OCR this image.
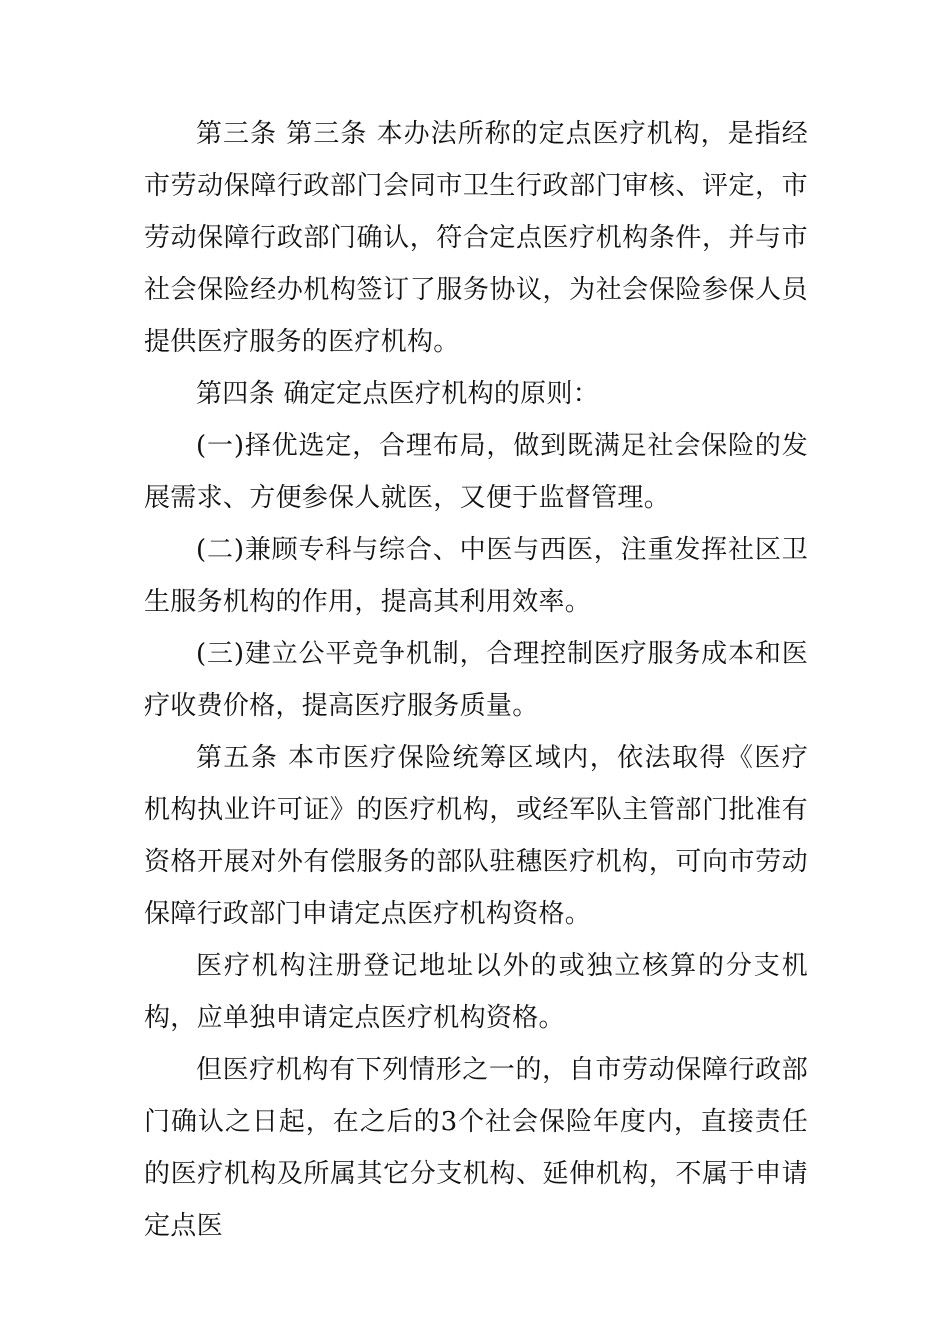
第三条 第三条 本办法所称的定点医疗机构，是指经市劳动保障行政部门会同市卫生行政部门审核、评定，市劳动保障行政部门确认，符合定点医疗机构条件，并与市社会保险经办机构签订了服务协议，为社会保险参保人员提供医疗服务的医疗机构。

第四条 确定定点医疗机构的原则：

(一)择优选定，合理布局，做到既满足社会保险的发展需求、方便参保人就医，又便于监督管理。

(二)兼顾专科与综合、中医与西医，注重发挥社区卫生服务机构的作用，提高其利用效率。

(三)建立公平竞争机制，合理控制医疗服务成本和医疗收费价格，提高医疗服务质量。

第五条 本市医疗保险统筹区域内，依法取得《医疗机构执业许可证》的医疗机构，或经军队主管部门批准有资格开展对外有偿服务的部队驻穗医疗机构，可向市劳动保障行政部门申请定点医疗机构资格。

医疗机构注册登记地址以外的或独立核算的分支机构，应单独申请定点医疗机构资格。

但医疗机构有下列情形之一的，自市劳动保障行政部门确认之日起，在之后的3个社会保险年度内，直接责任的医疗机构及所属其它分支机构、延伸机构，不属于申请定点医
